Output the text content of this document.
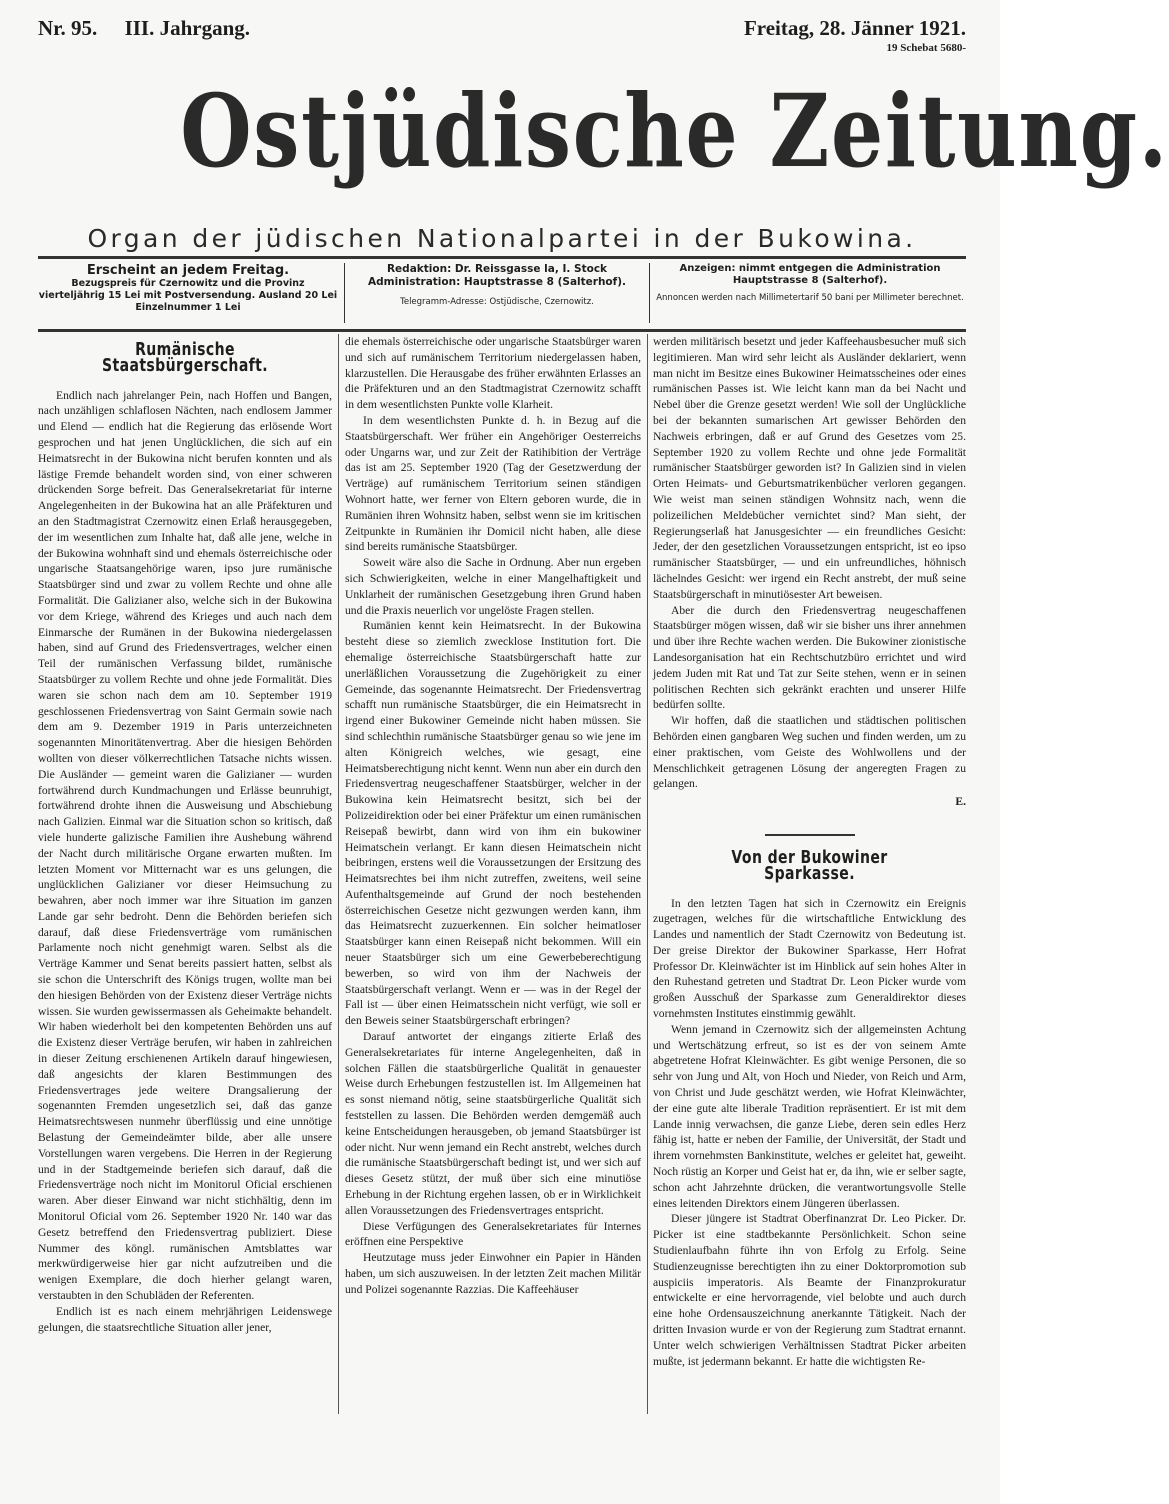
Nr. 95. III. Jahrgang.	Freitag, 28. Jänner 1921.
19 Schebat 5680-
Ostjüdische Zeitung.
Organ der jüdischen Nationalpartei in der Bukowina.
Erscheint an jedem Freitag.
Bezugspreis für Czernowitz und die Provinz
vierteljährig 15 Lei mit Postversendung. Ausland 20 Lei
Einzelnummer 1 Lei
Redaktion: Dr. Reissgasse la, I. Stock
Administration: Hauptstrasse 8 (Salterhof).
Telegramm-Adresse: Ostjüdische, Czernowitz.
Anzeigen: nimmt entgegen die Administration
Hauptstrasse 8 (Salterhof).
Annoncen werden nach Millimetertarif 50 bani per Millimeter berechnet.
Rumänische Staatsbürgerschaft.

Endlich nach jahrelanger Pein, nach Hoffen und Bangen, nach unzähligen schlaflosen Nächten, nach endlosem Jammer und Elend — endlich hat die Regierung das erlösende Wort gesprochen und hat jenen Unglücklichen, die sich auf ein Heimatsrecht in der Bukowina nicht berufen konnten und als lästige Fremde behandelt worden sind, von einer schweren drückenden Sorge befreit. Das Generalsekretariat für interne Angelegenheiten in der Bukowina hat an alle Präfekturen und an den Stadtmagistrat Czernowitz einen Erlaß herausgegeben, der im wesentlichen zum Inhalte hat, daß alle jene, welche in der Bukowina wohnhaft sind und ehemals österreichische oder ungarische Staatsangehörige waren, ipso jure rumänische Staatsbürger sind und zwar zu vollem Rechte und ohne alle Formalität. Die Galizianer also, welche sich in der Bukowina vor dem Kriege, während des Krieges und auch nach dem Einmarsche der Rumänen in der Bukowina niedergelassen haben, sind auf Grund des Friedensvertrages, welcher einen Teil der rumänischen Verfassung bildet, rumänische Staatsbürger zu vollem Rechte und ohne jede Formalität. Dies waren sie schon nach dem am 10. September 1919 geschlossenen Friedensvertrag von Saint Germain sowie nach dem am 9. Dezember 1919 in Paris unterzeichneten sogenannten Minoritätenvertrag. Aber die hiesigen Behörden wollten von dieser völkerrechtlichen Tatsache nichts wissen. Die Ausländer — gemeint waren die Galizianer — wurden fortwährend durch Kundmachungen und Erlässe beunruhigt, fortwährend drohte ihnen die Ausweisung und Abschiebung nach Galizien. Einmal war die Situation schon so kritisch, daß viele hunderte galizische Familien ihre Aushebung während der Nacht durch militärische Organe erwarten mußten. Im letzten Moment vor Mitternacht war es uns gelungen, die unglücklichen Galizianer vor dieser Heimsuchung zu bewahren, aber noch immer war ihre Situation im ganzen Lande gar sehr bedroht. Denn die Behörden beriefen sich darauf, daß diese Friedensverträge vom rumänischen Parlamente noch nicht genehmigt waren. Selbst als die Verträge Kammer und Senat bereits passiert hatten, selbst als sie schon die Unterschrift des Königs trugen, wollte man bei den hiesigen Behörden von der Existenz dieser Verträge nichts wissen. Sie wurden gewissermassen als Geheimakte behandelt. Wir haben wiederholt bei den kompetenten Behörden uns auf die Existenz dieser Verträge berufen, wir haben in zahlreichen in dieser Zeitung erschienenen Artikeln darauf hingewiesen, daß angesichts der klaren Bestimmungen des Friedensvertrages jede weitere Drangsalierung der sogenannten Fremden ungesetzlich sei, daß das ganze Heimatsrechtswesen nunmehr überflüssig und eine unnötige Belastung der Gemeindeämter bilde, aber alle unsere Vorstellungen waren vergebens. Die Herren in der Regierung und in der Stadtgemeinde beriefen sich darauf, daß die Friedensverträge noch nicht im Monitorul Oficial erschienen waren. Aber dieser Einwand war nicht stichhältig, denn im Monitorul Oficial vom 26. September 1920 Nr. 140 war das Gesetz betreffend den Friedensvertrag publiziert. Diese Nummer des köngl. rumänischen Amtsblattes war merkwürdigerweise hier gar nicht aufzutreiben und die wenigen Exemplare, die doch hierher gelangt waren, verstaubten in den Schubläden der Referenten.

Endlich ist es nach einem mehrjährigen Leidenswege gelungen, die staatsrechtliche Situation aller jener,

die ehemals österreichische oder ungarische Staatsbürger waren und sich auf rumänischem Territorium niedergelassen haben, klarzustellen. Die Herausgabe des früher erwähnten Erlasses an die Präfekturen und an den Stadtmagistrat Czernowitz schafft in dem wesentlichsten Punkte volle Klarheit.

In dem wesentlichsten Punkte d. h. in Bezug auf die Staatsbürgerschaft. Wer früher ein Angehöriger Oesterreichs oder Ungarns war, und zur Zeit der Ratihibition der Verträge das ist am 25. September 1920 (Tag der Gesetzwerdung der Verträge) auf rumänischem Territorium seinen ständigen Wohnort hatte, wer ferner von Eltern geboren wurde, die in Rumänien ihren Wohnsitz haben, selbst wenn sie im kritischen Zeitpunkte in Rumänien ihr Domicil nicht haben, alle diese sind bereits rumänische Staatsbürger.

Soweit wäre also die Sache in Ordnung. Aber nun ergeben sich Schwierigkeiten, welche in einer Mangelhaftigkeit und Unklarheit der rumänischen Gesetzgebung ihren Grund haben und die Praxis neuerlich vor ungelöste Fragen stellen.

Rumänien kennt kein Heimatsrecht. In der Bukowina besteht diese so ziemlich zwecklose Institution fort. Die ehemalige österreichische Staatsbürgerschaft hatte zur unerläßlichen Voraussetzung die Zugehörigkeit zu einer Gemeinde, das sogenannte Heimatsrecht. Der Friedensvertrag schafft nun rumänische Staatsbürger, die ein Heimatsrecht in irgend einer Bukowiner Gemeinde nicht haben müssen. Sie sind schlechthin rumänische Staatsbürger genau so wie jene im alten Königreich welches, wie gesagt, eine Heimatsberechtigung nicht kennt. Wenn nun aber ein durch den Friedensvertrag neugeschaffener Staatsbürger, welcher in der Bukowina kein Heimatsrecht besitzt, sich bei der Polizeidirektion oder bei einer Präfektur um einen rumänischen Reisepaß bewirbt, dann wird von ihm ein bukowiner Heimatschein verlangt. Er kann diesen Heimatschein nicht beibringen, erstens weil die Voraussetzungen der Ersitzung des Heimatsrechtes bei ihm nicht zutreffen, zweitens, weil seine Aufenthaltsgemeinde auf Grund der noch bestehenden österreichischen Gesetze nicht gezwungen werden kann, ihm das Heimatsrecht zuzuerkennen. Ein solcher heimatloser Staatsbürger kann einen Reisepaß nicht bekommen. Will ein neuer Staatsbürger sich um eine Gewerbeberechtigung bewerben, so wird von ihm der Nachweis der Staatsbürgerschaft verlangt. Wenn er — was in der Regel der Fall ist — über einen Heimatsschein nicht verfügt, wie soll er den Beweis seiner Staatsbürgerschaft erbringen?

Darauf antwortet der eingangs zitierte Erlaß des Generalsekretariates für interne Angelegenheiten, daß in solchen Fällen die staatsbürgerliche Qualität in genauester Weise durch Erhebungen festzustellen ist. Im Allgemeinen hat es sonst niemand nötig, seine staatsbürgerliche Qualität sich feststellen zu lassen. Die Behörden werden demgemäß auch keine Entscheidungen herausgeben, ob jemand Staatsbürger ist oder nicht. Nur wenn jemand ein Recht anstrebt, welches durch die rumänische Staatsbürgerschaft bedingt ist, und wer sich auf dieses Gesetz stützt, der muß über sich eine minutiöse Erhebung in der Richtung ergehen lassen, ob er in Wirklichkeit allen Voraussetzungen des Friedensvertrages entspricht.

Diese Verfügungen des Generalsekretariates für Internes eröffnen eine Perspektive

Heutzutage muss jeder Einwohner ein Papier in Händen haben, um sich auszuweisen. In der letzten Zeit machen Militär und Polizei sogenannte Razzias. Die Kaffeehäuser

werden militärisch besetzt und jeder Kaffeehausbesucher muß sich legitimieren. Man wird sehr leicht als Ausländer deklariert, wenn man nicht im Besitze eines Bukowiner Heimatsscheines oder eines rumänischen Passes ist. Wie leicht kann man da bei Nacht und Nebel über die Grenze gesetzt werden! Wie soll der Unglückliche bei der bekannten sumarischen Art gewisser Behörden den Nachweis erbringen, daß er auf Grund des Gesetzes vom 25. September 1920 zu vollem Rechte und ohne jede Formalität rumänischer Staatsbürger geworden ist? In Galizien sind in vielen Orten Heimats- und Geburtsmatrikenbücher verloren gegangen. Wie weist man seinen ständigen Wohnsitz nach, wenn die polizeilichen Meldebücher vernichtet sind? Man sieht, der Regierungserlaß hat Janusgesichter — ein freundliches Gesicht: Jeder, der den gesetzlichen Voraussetzungen entspricht, ist eo ipso rumänischer Staatsbürger, — und ein unfreundliches, höhnisch lächelndes Gesicht: wer irgend ein Recht anstrebt, der muß seine Staatsbürgerschaft in minutiösester Art beweisen.

Aber die durch den Friedensvertrag neugeschaffenen Staatsbürger mögen wissen, daß wir sie bisher uns ihrer annehmen und über ihre Rechte wachen werden. Die Bukowiner zionistische Landesorganisation hat ein Rechtschutzbüro errichtet und wird jedem Juden mit Rat und Tat zur Seite stehen, wenn er in seinen politischen Rechten sich gekränkt erachten und unserer Hilfe bedürfen sollte.

Wir hoffen, daß die staatlichen und städtischen politischen Behörden einen gangbaren Weg suchen und finden werden, um zu einer praktischen, vom Geiste des Wohlwollens und der Menschlichkeit getragenen Lösung der angeregten Fragen zu gelangen.

E.
Von der Bukowiner Sparkasse.

In den letzten Tagen hat sich in Czernowitz ein Ereignis zugetragen, welches für die wirtschaftliche Entwicklung des Landes und namentlich der Stadt Czernowitz von Bedeutung ist. Der greise Direktor der Bukowiner Sparkasse, Herr Hofrat Professor Dr. Kleinwächter ist im Hinblick auf sein hohes Alter in den Ruhestand getreten und Stadtrat Dr. Leon Picker wurde vom großen Ausschuß der Sparkasse zum Generaldirektor dieses vornehmsten Institutes einstimmig gewählt.

Wenn jemand in Czernowitz sich der allgemeinsten Achtung und Wertschätzung erfreut, so ist es der von seinem Amte abgetretene Hofrat Kleinwächter. Es gibt wenige Personen, die so sehr von Jung und Alt, von Hoch und Nieder, von Reich und Arm, von Christ und Jude geschätzt werden, wie Hofrat Kleinwächter, der eine gute alte liberale Tradition repräsentiert. Er ist mit dem Lande innig verwachsen, die ganze Liebe, deren sein edles Herz fähig ist, hatte er neben der Familie, der Universität, der Stadt und ihrem vornehmsten Bankinstitute, welches er geleitet hat, geweiht. Noch rüstig an Korper und Geist hat er, da ihn, wie er selber sagte, schon acht Jahrzehnte drücken, die verantwortungsvolle Stelle eines leitenden Direktors einem Jüngeren überlassen.

Dieser jüngere ist Stadtrat Oberfinanzrat Dr. Leo Picker. Dr. Picker ist eine stadtbekannte Persönlichkeit. Schon seine Studienlaufbahn führte ihn von Erfolg zu Erfolg. Seine Studienzeugnisse berechtigten ihn zu einer Doktorpromotion sub auspiciis imperatoris. Als Beamte der Finanzprokuratur entwickelte er eine hervorragende, viel belobte und auch durch eine hohe Ordensauszeichnung anerkannte Tätigkeit. Nach der dritten Invasion wurde er von der Regierung zum Stadtrat ernannt. Unter welch schwierigen Verhältnissen Stadtrat Picker arbeiten mußte, ist jedermann bekannt. Er hatte die wichtigsten Re-
